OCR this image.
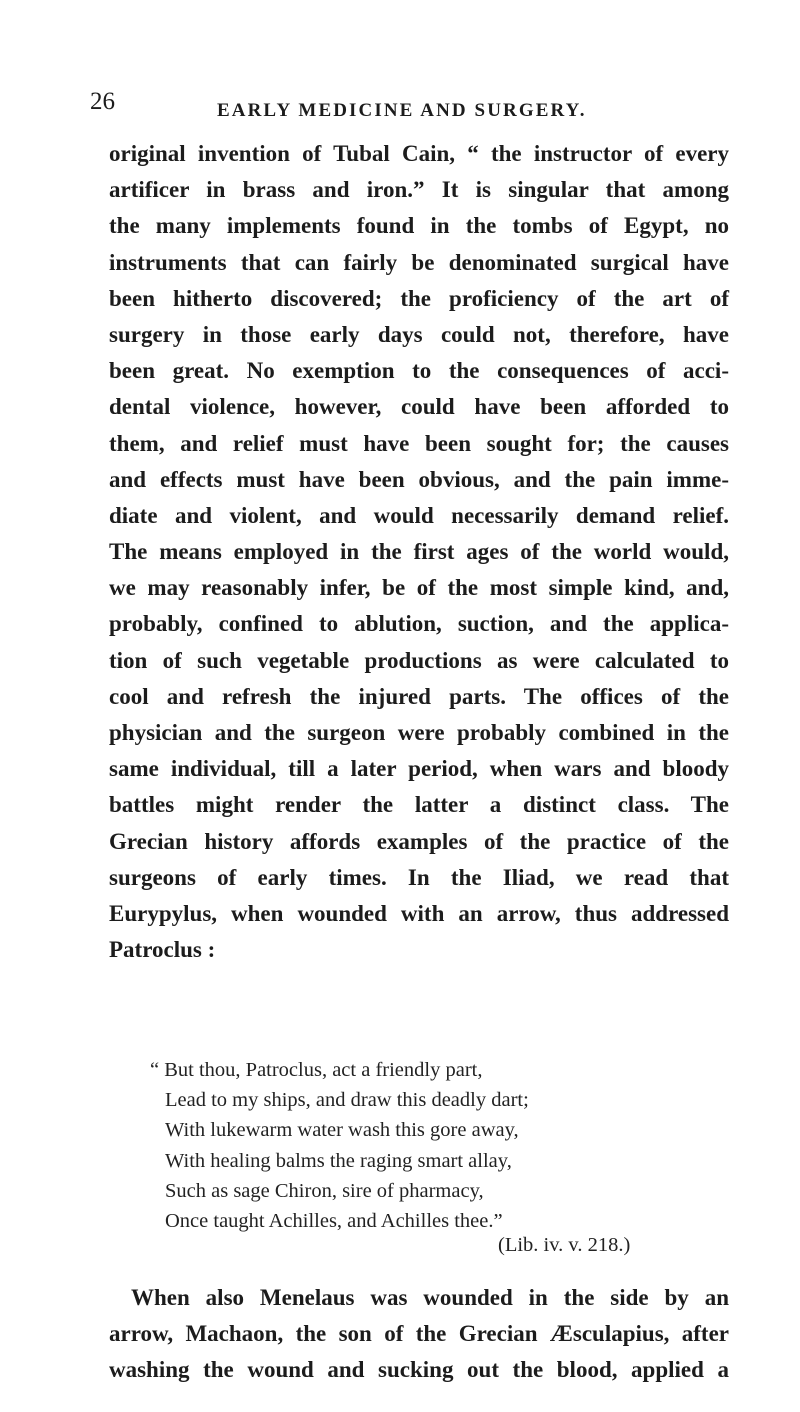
26	EARLY MEDICINE AND SURGERY.
original invention of Tubal Cain, “ the instructor of every
artificer in brass and iron.” It is singular that among
the many implements found in the tombs of Egypt, no
instruments that can fairly be denominated surgical have
been hitherto discovered; the proficiency of the art of
surgery in those early days could not, therefore, have
been great. No exemption to the consequences of acci-
dental violence, however, could have been afforded to
them, and relief must have been sought for; the causes
and effects must have been obvious, and the pain imme-
diate and violent, and would necessarily demand relief.
The means employed in the first ages of the world would,
we may reasonably infer, be of the most simple kind, and,
probably, confined to ablution, suction, and the applica-
tion of such vegetable productions as were calculated to
cool and refresh the injured parts. The offices of the
physician and the surgeon were probably combined in the
same individual, till a later period, when wars and bloody
battles might render the latter a distinct class. The
Grecian history affords examples of the practice of the
surgeons of early times. In the Iliad, we read that
Eurypylus, when wounded with an arrow, thus addressed
Patroclus :
“ But thou, Patroclus, act a friendly part,
Lead to my ships, and draw this deadly dart;
With lukewarm water wash this gore away,
With healing balms the raging smart allay,
Such as sage Chiron, sire of pharmacy,
Once taught Achilles, and Achilles thee.”
(Lib. iv. v. 218.)
When also Menelaus was wounded in the side by an
arrow, Machaon, the son of the Grecian Æsculapius, after
washing the wound and sucking out the blood, applied a
